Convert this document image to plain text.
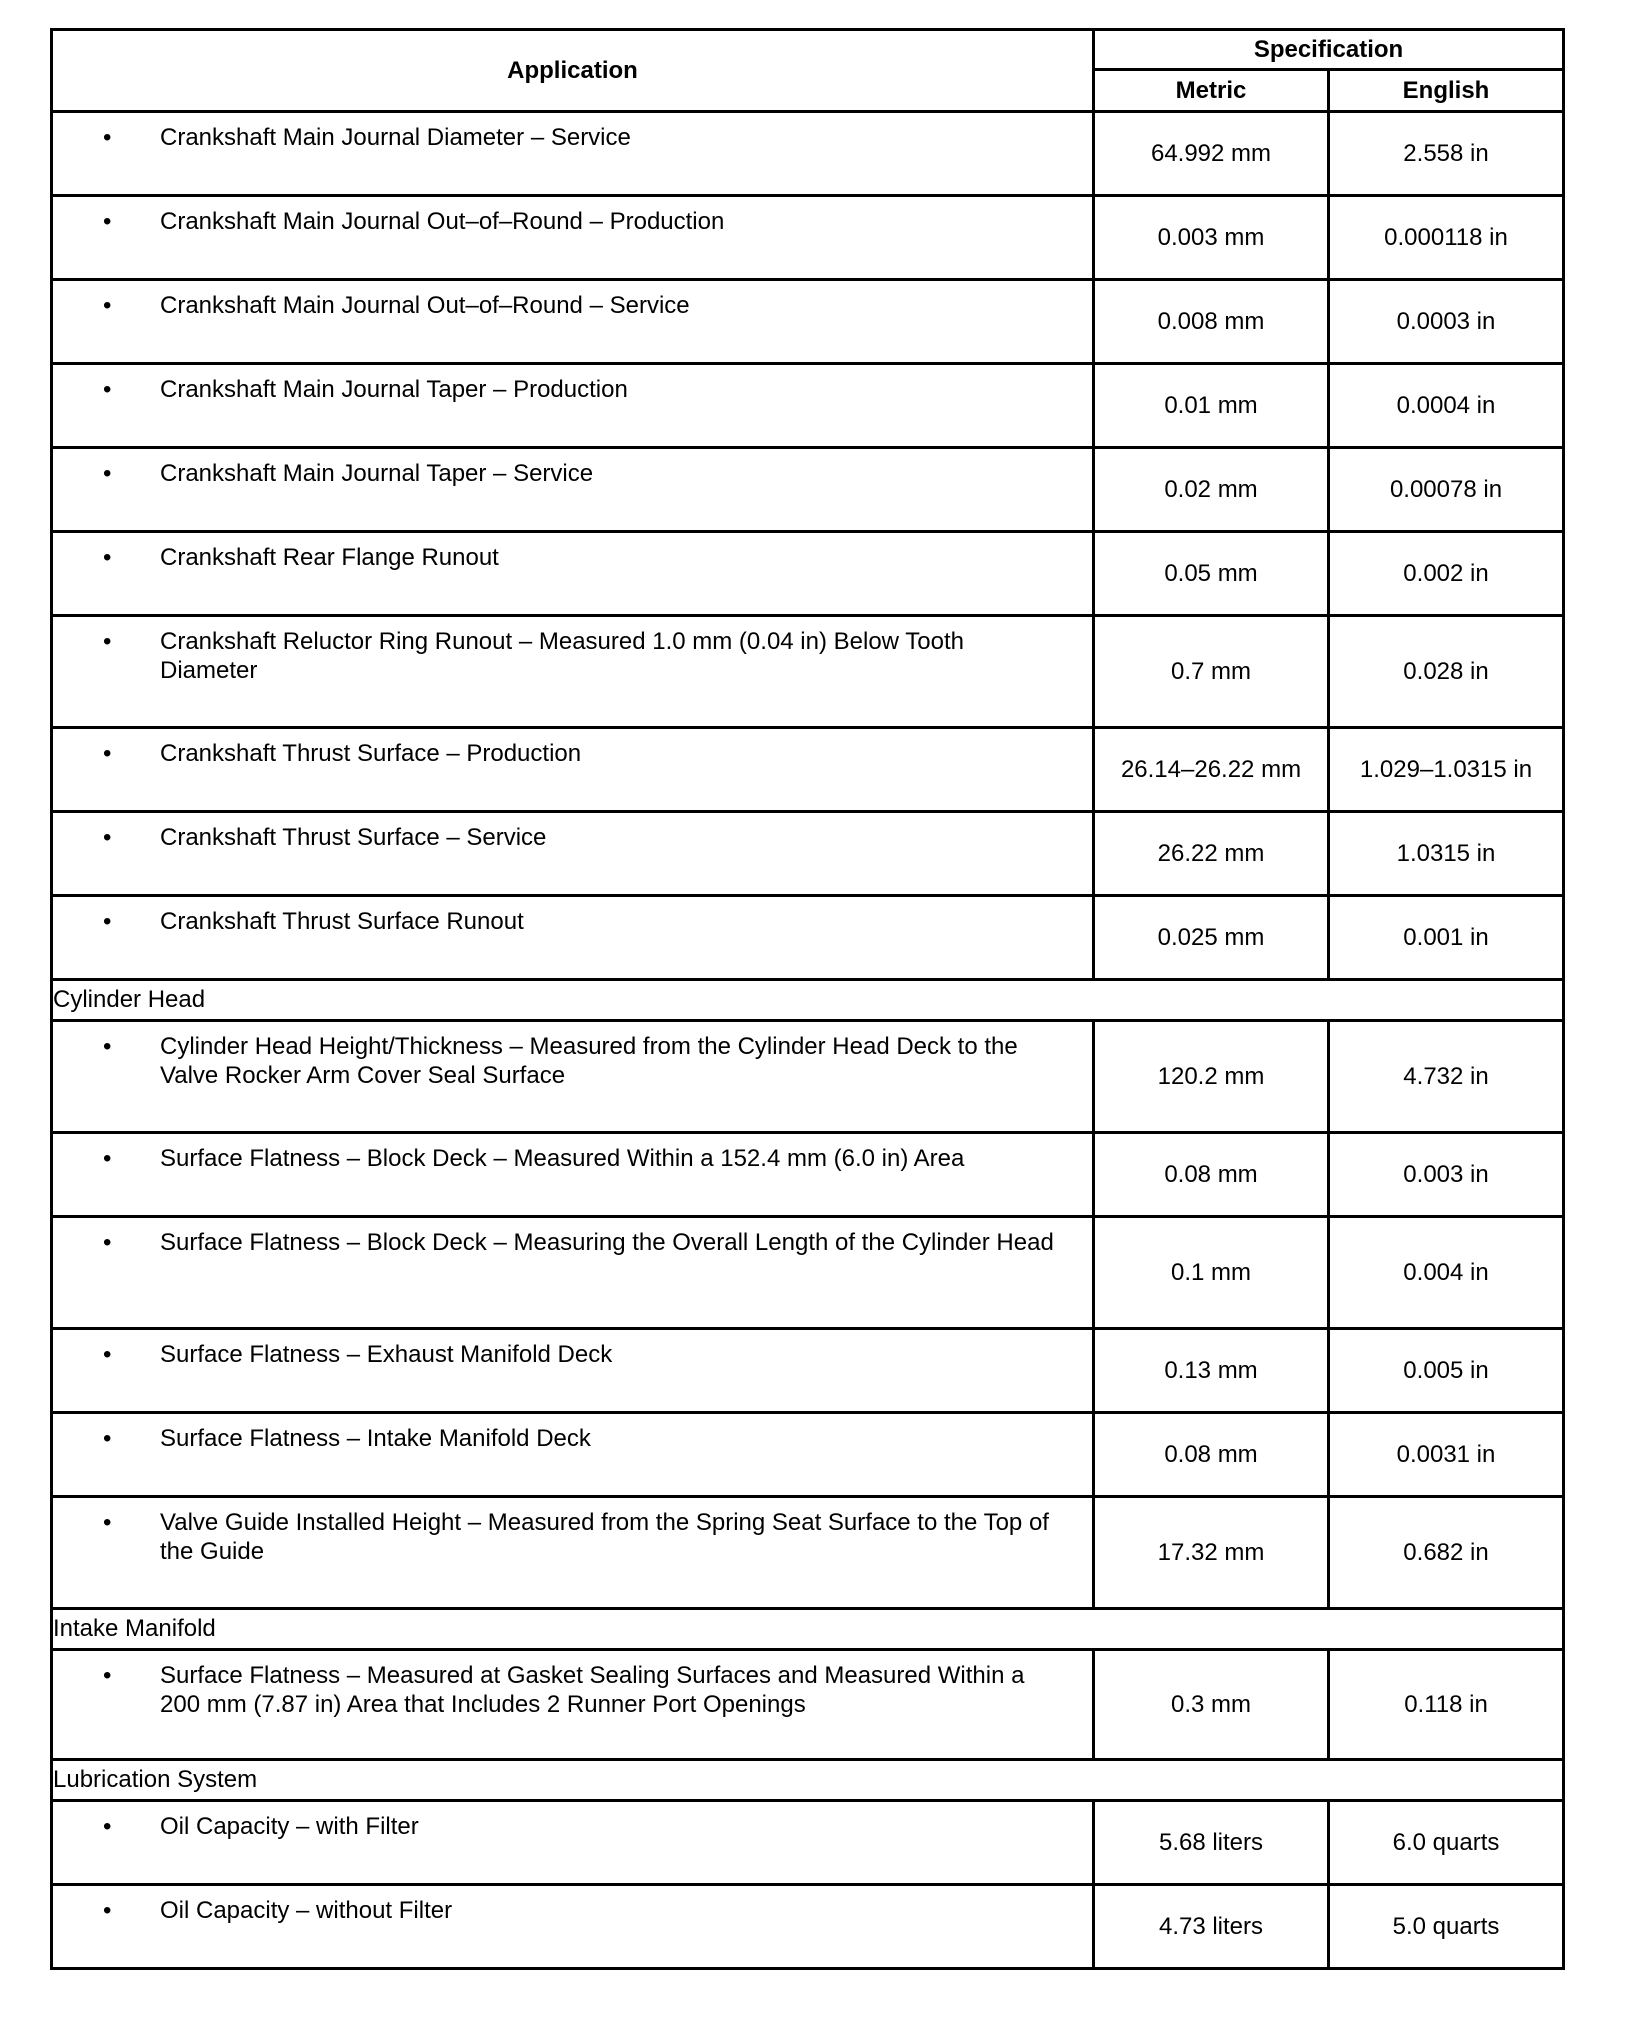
Application	Specification	
	Metric	English

• Crankshaft Main Journal Diameter – Service	64.992 mm	2.558 in

• Crankshaft Main Journal Out–of–Round – Production	0.003 mm	0.000118 in

• Crankshaft Main Journal Out–of–Round – Service	0.008 mm	0.0003 in

• Crankshaft Main Journal Taper – Production	0.01 mm	0.0004 in

• Crankshaft Main Journal Taper – Service	0.02 mm	0.00078 in

• Crankshaft Rear Flange Runout	0.05 mm	0.002 in

• Crankshaft Reluctor Ring Runout – Measured 1.0 mm (0.04 in) Below Tooth Diameter	0.7 mm	0.028 in

• Crankshaft Thrust Surface – Production	26.14–26.22 mm	1.029–1.0315 in

• Crankshaft Thrust Surface – Service	26.22 mm	1.0315 in

• Crankshaft Thrust Surface Runout	0.025 mm	0.001 in
Cylinder Head		

• Cylinder Head Height/Thickness – Measured from the Cylinder Head Deck to the Valve Rocker Arm Cover Seal Surface	120.2 mm	4.732 in

• Surface Flatness – Block Deck – Measured Within a 152.4 mm (6.0 in) Area	0.08 mm	0.003 in

• Surface Flatness – Block Deck – Measuring the Overall Length of the Cylinder Head	0.1 mm	0.004 in

• Surface Flatness – Exhaust Manifold Deck	0.13 mm	0.005 in

• Surface Flatness – Intake Manifold Deck	0.08 mm	0.0031 in

• Valve Guide Installed Height – Measured from the Spring Seat Surface to the Top of the Guide	17.32 mm	0.682 in
Intake Manifold		

• Surface Flatness – Measured at Gasket Sealing Surfaces and Measured Within a 200 mm (7.87 in) Area that Includes 2 Runner Port Openings	0.3 mm	0.118 in
Lubrication System		

• Oil Capacity – with Filter	5.68 liters	6.0 quarts

• Oil Capacity – without Filter	4.73 liters	5.0 quarts
